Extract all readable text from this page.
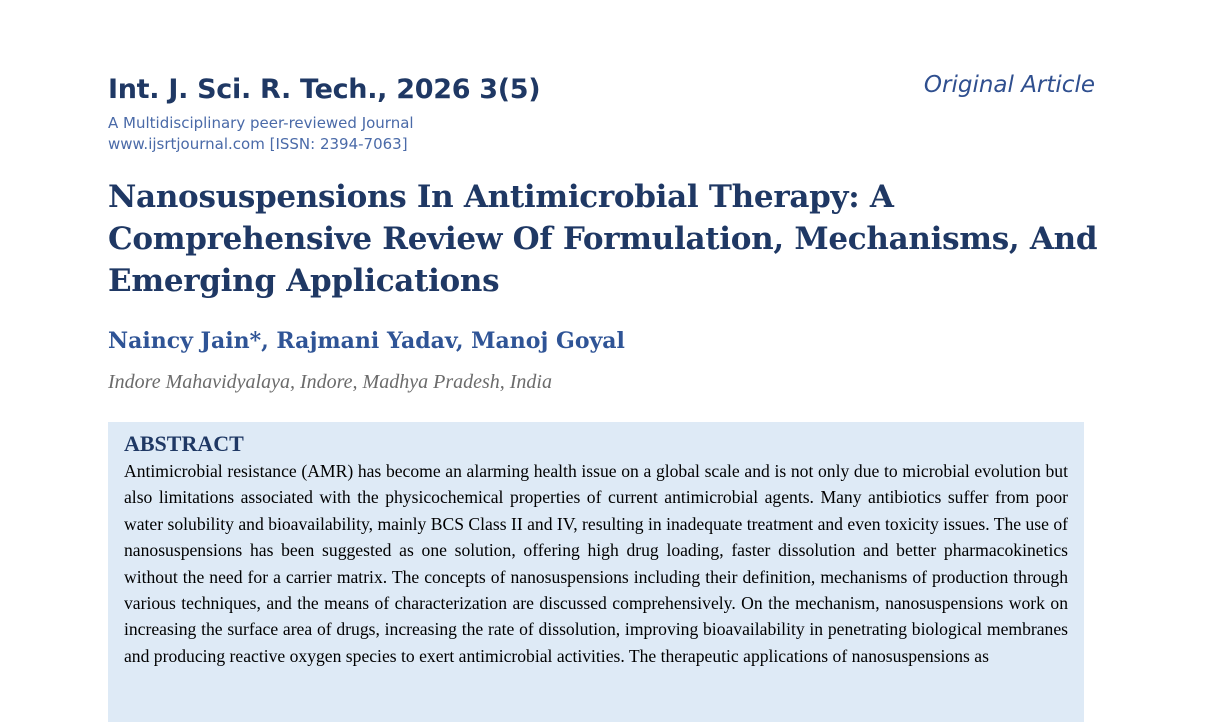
Int. J. Sci. R. Tech., 2026 3(5)
A Multidisciplinary peer-reviewed Journal
www.ijsrtjournal.com [ISSN: 2394-7063]
Original Article
Nanosuspensions In Antimicrobial Therapy: A Comprehensive Review Of Formulation, Mechanisms, And Emerging Applications
Naincy Jain*, Rajmani Yadav, Manoj Goyal
Indore Mahavidyalaya, Indore, Madhya Pradesh, India
ABSTRACT

Antimicrobial resistance (AMR) has become an alarming health issue on a global scale and is not only due to microbial evolution but also limitations associated with the physicochemical properties of current antimicrobial agents. Many antibiotics suffer from poor water solubility and bioavailability, mainly BCS Class II and IV, resulting in inadequate treatment and even toxicity issues. The use of nanosuspensions has been suggested as one solution, offering high drug loading, faster dissolution and better pharmacokinetics without the need for a carrier matrix. The concepts of nanosuspensions including their definition, mechanisms of production through various techniques, and the means of characterization are discussed comprehensively. On the mechanism, nanosuspensions work on increasing the surface area of drugs, increasing the rate of dissolution, improving bioavailability in penetrating biological membranes and producing reactive oxygen species to exert antimicrobial activities. The therapeutic applications of nanosuspensions as
